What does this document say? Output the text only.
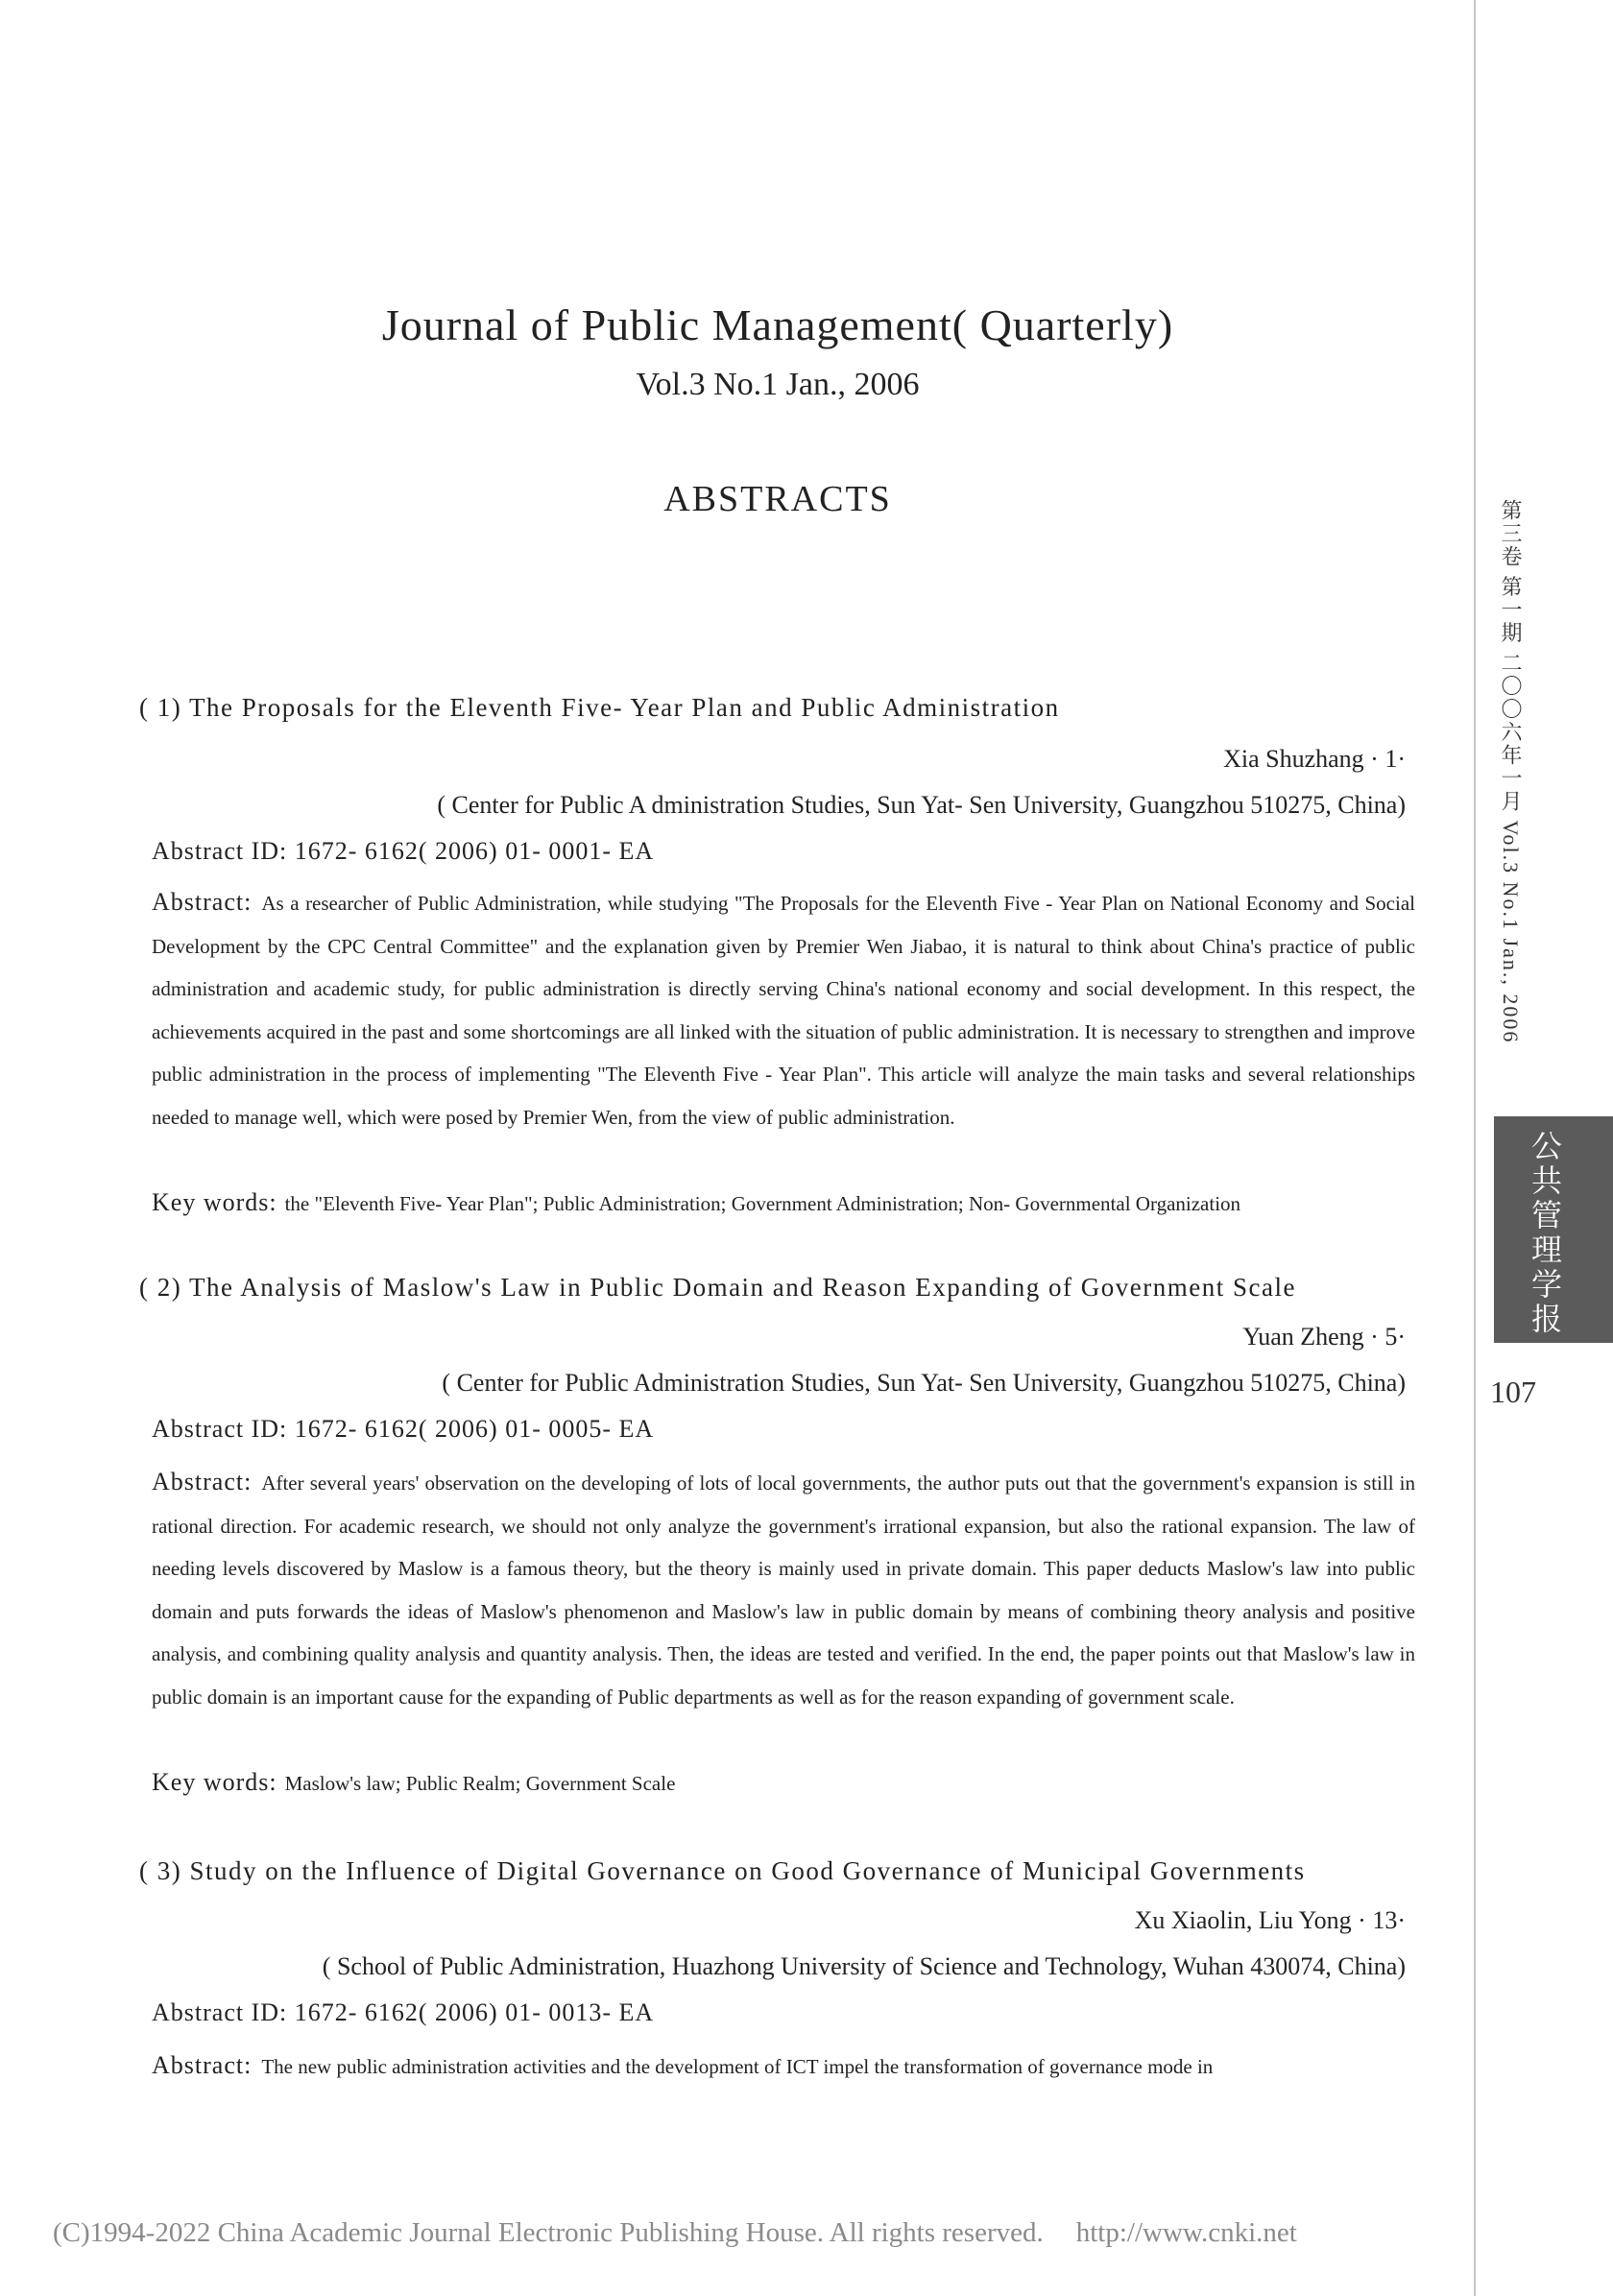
Journal of Public Management( Quarterly)
Vol.3 No.1 Jan., 2006
ABSTRACTS	第三卷 第一期 二〇〇六年一月 Vol.3 No.1 Jan., 2006
公共管理学报
107
( 1) The Proposals for the Eleventh Five- Year Plan and Public Administration
Xia Shuzhang · 1·
( Center for Public A dministration Studies, Sun Yat- Sen University, Guangzhou 510275, China)
Abstract ID: 1672- 6162( 2006) 01- 0001- EA
Abstract: As a researcher of Public Administration, while studying "The Proposals for the Eleventh Five - Year Plan on National Economy and Social Development by the CPC Central Committee" and the explanation given by Premier Wen Jiabao, it is natural to think about China's practice of public administration and academic study, for public administration is directly serving China's national economy and social development. In this respect, the achievements acquired in the past and some shortcomings are all linked with the situation of public administration. It is necessary to strengthen and improve public administration in the process of implementing "The Eleventh Five - Year Plan". This article will analyze the main tasks and several relationships needed to manage well, which were posed by Premier Wen, from the view of public administration.
Key words: the "Eleventh Five- Year Plan"; Public Administration; Government Administration; Non- Governmental Organization
( 2) The Analysis of Maslow's Law in Public Domain and Reason Expanding of Government Scale
Yuan Zheng · 5·
( Center for Public Administration Studies, Sun Yat- Sen University, Guangzhou 510275, China)
Abstract ID: 1672- 6162( 2006) 01- 0005- EA
Abstract: After several years' observation on the developing of lots of local governments, the author puts out that the government's expansion is still in rational direction. For academic research, we should not only analyze the government's irrational expansion, but also the rational expansion. The law of needing levels discovered by Maslow is a famous theory, but the theory is mainly used in private domain. This paper deducts Maslow's law into public domain and puts forwards the ideas of Maslow's phenomenon and Maslow's law in public domain by means of combining theory analysis and positive analysis, and combining quality analysis and quantity analysis. Then, the ideas are tested and verified. In the end, the paper points out that Maslow's law in public domain is an important cause for the expanding of Public departments as well as for the reason expanding of government scale.
Key words: Maslow's law; Public Realm; Government Scale
( 3) Study on the Influence of Digital Governance on Good Governance of Municipal Governments
Xu Xiaolin, Liu Yong · 13·
( School of Public Administration, Huazhong University of Science and Technology, Wuhan 430074, China)
Abstract ID: 1672- 6162( 2006) 01- 0013- EA
Abstract: The new public administration activities and the development of ICT impel the transformation of governance mode in
(C)1994-2022 China Academic Journal Electronic Publishing House. All rights reserved. http://www.cnki.net
